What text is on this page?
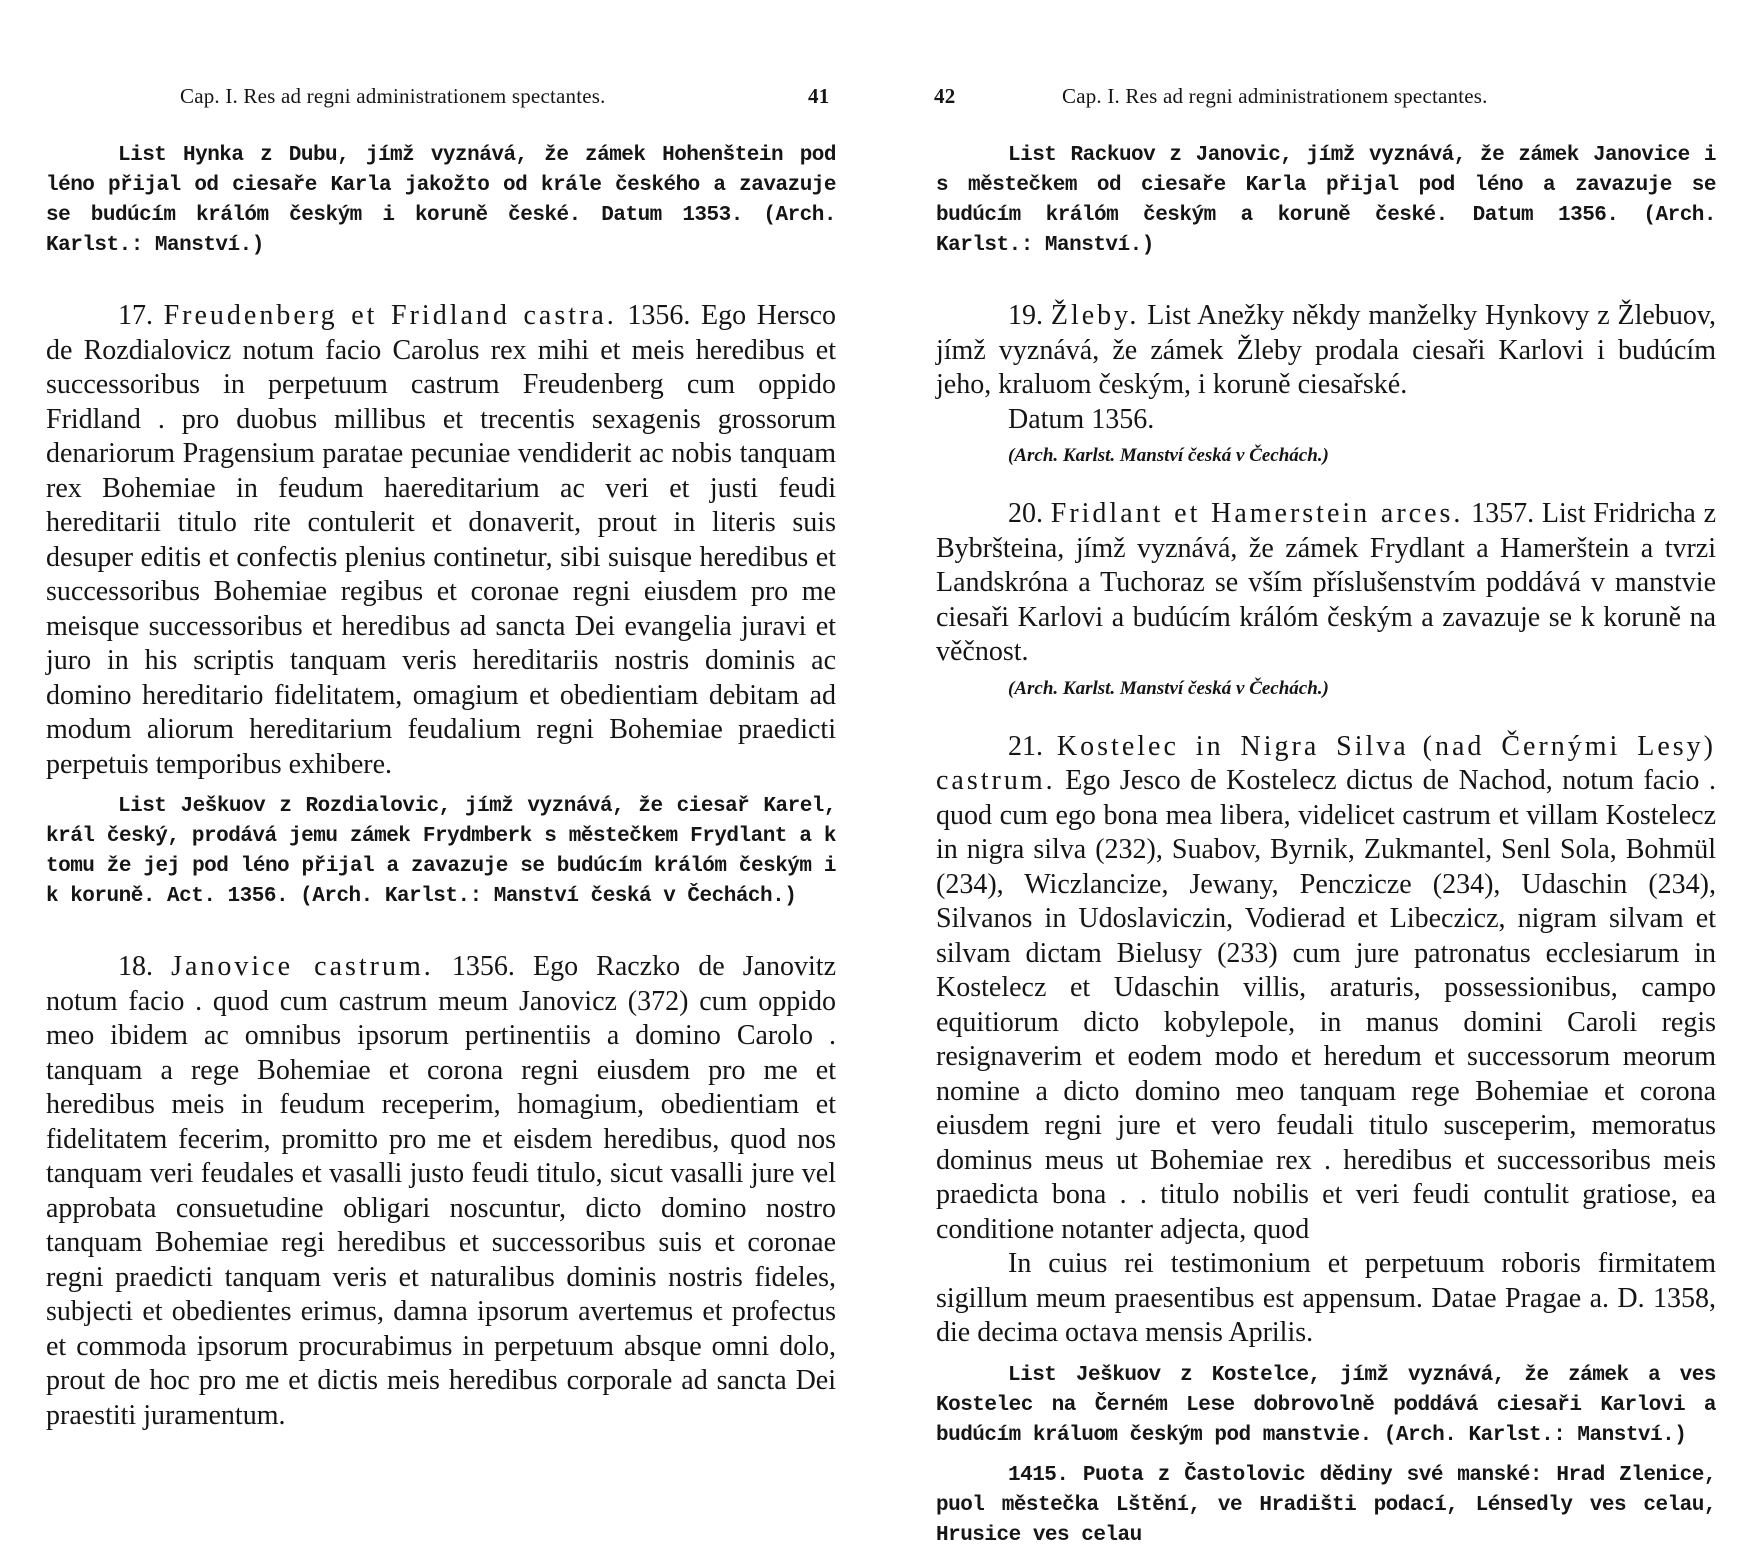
Cap. I. Res ad regni administrationem spectantes.	41

List Hynka z Dubu, jímž vyznává, že zámek Hohenštein pod léno přijal od ciesaře Karla jakožto od krále českého a zavazuje se budúcím králóm českým i koruně české. Datum 1353. (Arch. Karlst.: Manství.)

17. Freudenberg et Fridland castra. 1356. Ego Hersco de Rozdialovicz notum facio Carolus rex mihi et meis heredibus et successoribus in perpetuum castrum Freudenberg cum oppido Fridland . pro duobus millibus et trecentis sexagenis grossorum denariorum Pragensium paratae pecuniae vendiderit ac nobis tanquam rex Bohemiae in feudum haereditarium ac veri et justi feudi hereditarii titulo rite contulerit et donaverit, prout in literis suis desuper editis et confectis plenius continetur, sibi suisque heredibus et successoribus Bohemiae regibus et coronae regni eiusdem pro me meisque successoribus et heredibus ad sancta Dei evangelia juravi et juro in his scriptis tanquam veris hereditariis nostris dominis ac domino hereditario fidelitatem, omagium et obedientiam debitam ad modum aliorum hereditarium feudalium regni Bohemiae praedicti perpetuis temporibus exhibere.

List Ješkuov z Rozdialovic, jímž vyznává, že ciesař Karel, král český, prodává jemu zámek Frydmberk s městečkem Frydlant a k tomu že jej pod léno přijal a zavazuje se budúcím králóm českým i k koruně. Act. 1356. (Arch. Karlst.: Manství česká v Čechách.)

18. Janovice castrum. 1356. Ego Raczko de Janovitz notum facio . quod cum castrum meum Janovicz (372) cum oppido meo ibidem ac omnibus ipsorum pertinentiis a domino Carolo . tanquam a rege Bohemiae et corona regni eiusdem pro me et heredibus meis in feudum receperim, homagium, obedientiam et fidelitatem fecerim, promitto pro me et eisdem heredibus, quod nos tanquam veri feudales et vasalli justo feudi titulo, sicut vasalli jure vel approbata consuetudine obligari noscuntur, dicto domino nostro tanquam Bohemiae regi heredibus et successoribus suis et coronae regni praedicti tanquam veris et naturalibus dominis nostris fideles, subjecti et obedientes erimus, damna ipsorum avertemus et profectus et commoda ipsorum procurabimus in perpetuum absque omni dolo, prout de hoc pro me et dictis meis heredibus corporale ad sancta Dei praestiti juramentum.

42	Cap. I. Res ad regni administrationem spectantes.

List Rackuov z Janovic, jímž vyznává, že zámek Janovice i s městečkem od ciesaře Karla přijal pod léno a zavazuje se budúcím králóm českým a koruně české. Datum 1356. (Arch. Karlst.: Manství.)

19. Žleby. List Anežky někdy manželky Hynkovy z Žlebuov, jímž vyznává, že zámek Žleby prodala ciesaři Karlovi i budúcím jeho, kraluom českým, i koruně ciesařské.

Datum 1356.

(Arch. Karlst. Manství česká v Čechách.)

20. Fridlant et Hamerstein arces. 1357. List Fridricha z Bybršteina, jímž vyznává, že zámek Frydlant a Hamerštein a tvrzi Landskróna a Tuchoraz se vším příslušenstvím poddává v manstvie ciesaři Karlovi a budúcím králóm českým a zavazuje se k koruně na věčnost.

(Arch. Karlst. Manství česká v Čechách.)

21. Kostelec in Nigra Silva (nad Černými Lesy) castrum. Ego Jesco de Kostelecz dictus de Nachod, notum facio . quod cum ego bona mea libera, videlicet castrum et villam Kostelecz in nigra silva (232), Suabov, Byrnik, Zukmantel, Senl Sola, Bohmül (234), Wiczlancize, Jewany, Penczicze (234), Udaschin (234), Silvanos in Udoslaviczin, Vodierad et Libeczicz, nigram silvam et silvam dictam Bielusy (233) cum jure patronatus ecclesiarum in Kostelecz et Udaschin villis, araturis, possessionibus, campo equitiorum dicto kobylepole, in manus domini Caroli regis resignaverim et eodem modo et heredum et successorum meorum nomine a dicto domino meo tanquam rege Bohemiae et corona eiusdem regni jure et vero feudali titulo susceperim, memoratus dominus meus ut Bohemiae rex . heredibus et successoribus meis praedicta bona . . titulo nobilis et veri feudi contulit gratiose, ea conditione notanter adjecta, quod

In cuius rei testimonium et perpetuum roboris firmitatem sigillum meum praesentibus est appensum. Datae Pragae a. D. 1358, die decima octava mensis Aprilis.

List Ješkuov z Kostelce, jímž vyznává, že zámek a ves Kostelec na Černém Lese dobrovolně poddává ciesaři Karlovi a budúcím králuom českým pod manstvie. (Arch. Karlst.: Manství.)

1415. Puota z Častolovic dědiny své manské: Hrad Zlenice, puol městečka Lštění, ve Hradišti podací, Lénsedly ves celau, Hrusice ves celau
